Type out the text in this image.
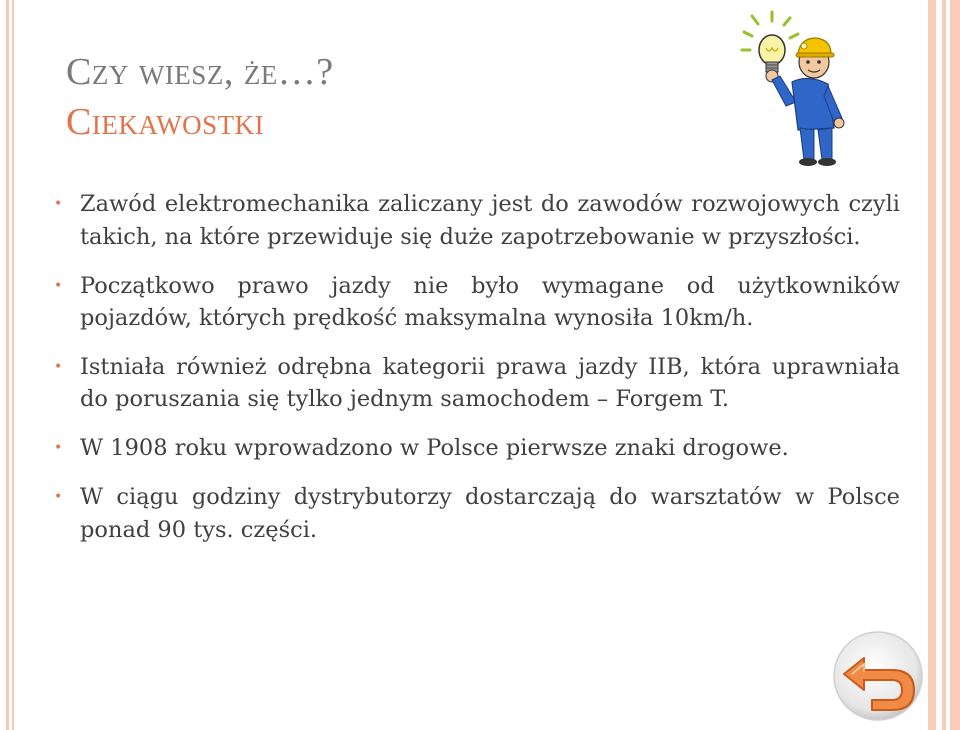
Czy wiesz, że…?
Ciekawostki
• Zawód elektromechanika zaliczany jest do zawodów rozwojowych czyli takich, na które przewiduje się duże zapotrzebowanie w przyszłości.
• Początkowo prawo jazdy nie było wymagane od użytkowników pojazdów, których prędkość maksymalna wynosiła 10km/h.
• Istniała również odrębna kategorii prawa jazdy IIB, która uprawniała do poruszania się tylko jednym samochodem – Forgem T.
• W 1908 roku wprowadzono w Polsce pierwsze znaki drogowe.
• W ciągu godziny dystrybutorzy dostarczają do warsztatów w Polsce ponad 90 tys. części.
